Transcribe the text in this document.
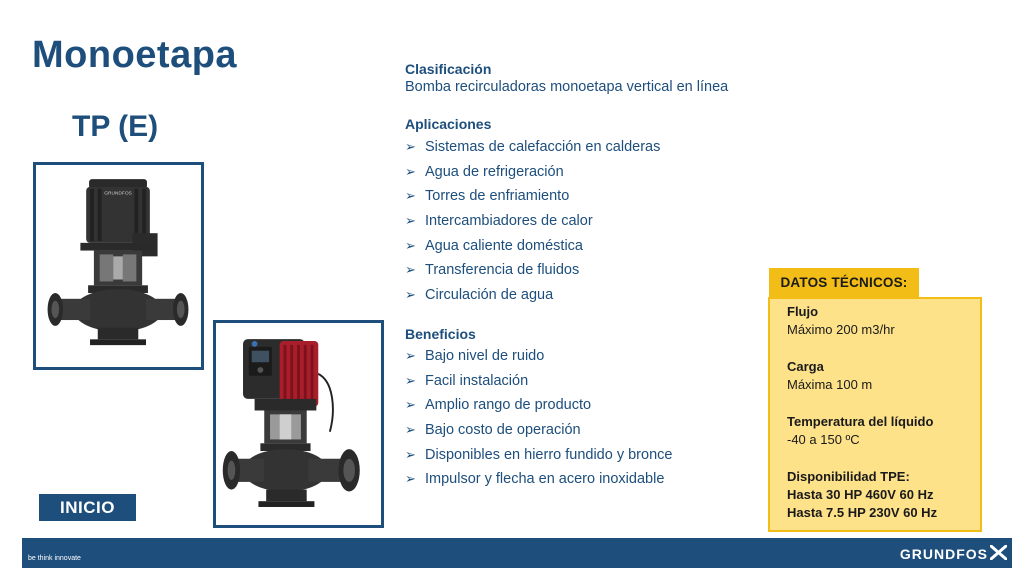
Monoetapa
TP (E)
GRUNDFOS

Clasificación

Bomba recirculadoras monoetapa vertical en línea

Aplicaciones

➢ Sistemas de calefacción en calderas
➢ Agua de refrigeración
➢ Torres de enfriamiento
➢ Intercambiadores de calor
➢ Agua caliente doméstica
➢ Transferencia de fluidos
➢ Circulación de agua

Beneficios

➢ Bajo nivel de ruido
➢ Facil instalación
➢ Amplio rango de producto
➢ Bajo costo de operación
➢ Disponibles en hierro fundido y bronce
➢ Impulsor y flecha en acero inoxidable
INICIO
DATOS TÉCNICOS:

Flujo

Máximo 200 m3/hr

Carga

Máxima 100 m

Temperatura del líquido

-40 a 150 ºC

Disponibilidad TPE:

Hasta 30 HP 460V 60 Hz

Hasta 7.5 HP 230V 60 Hz

be think innovate	GRUNDFOS
